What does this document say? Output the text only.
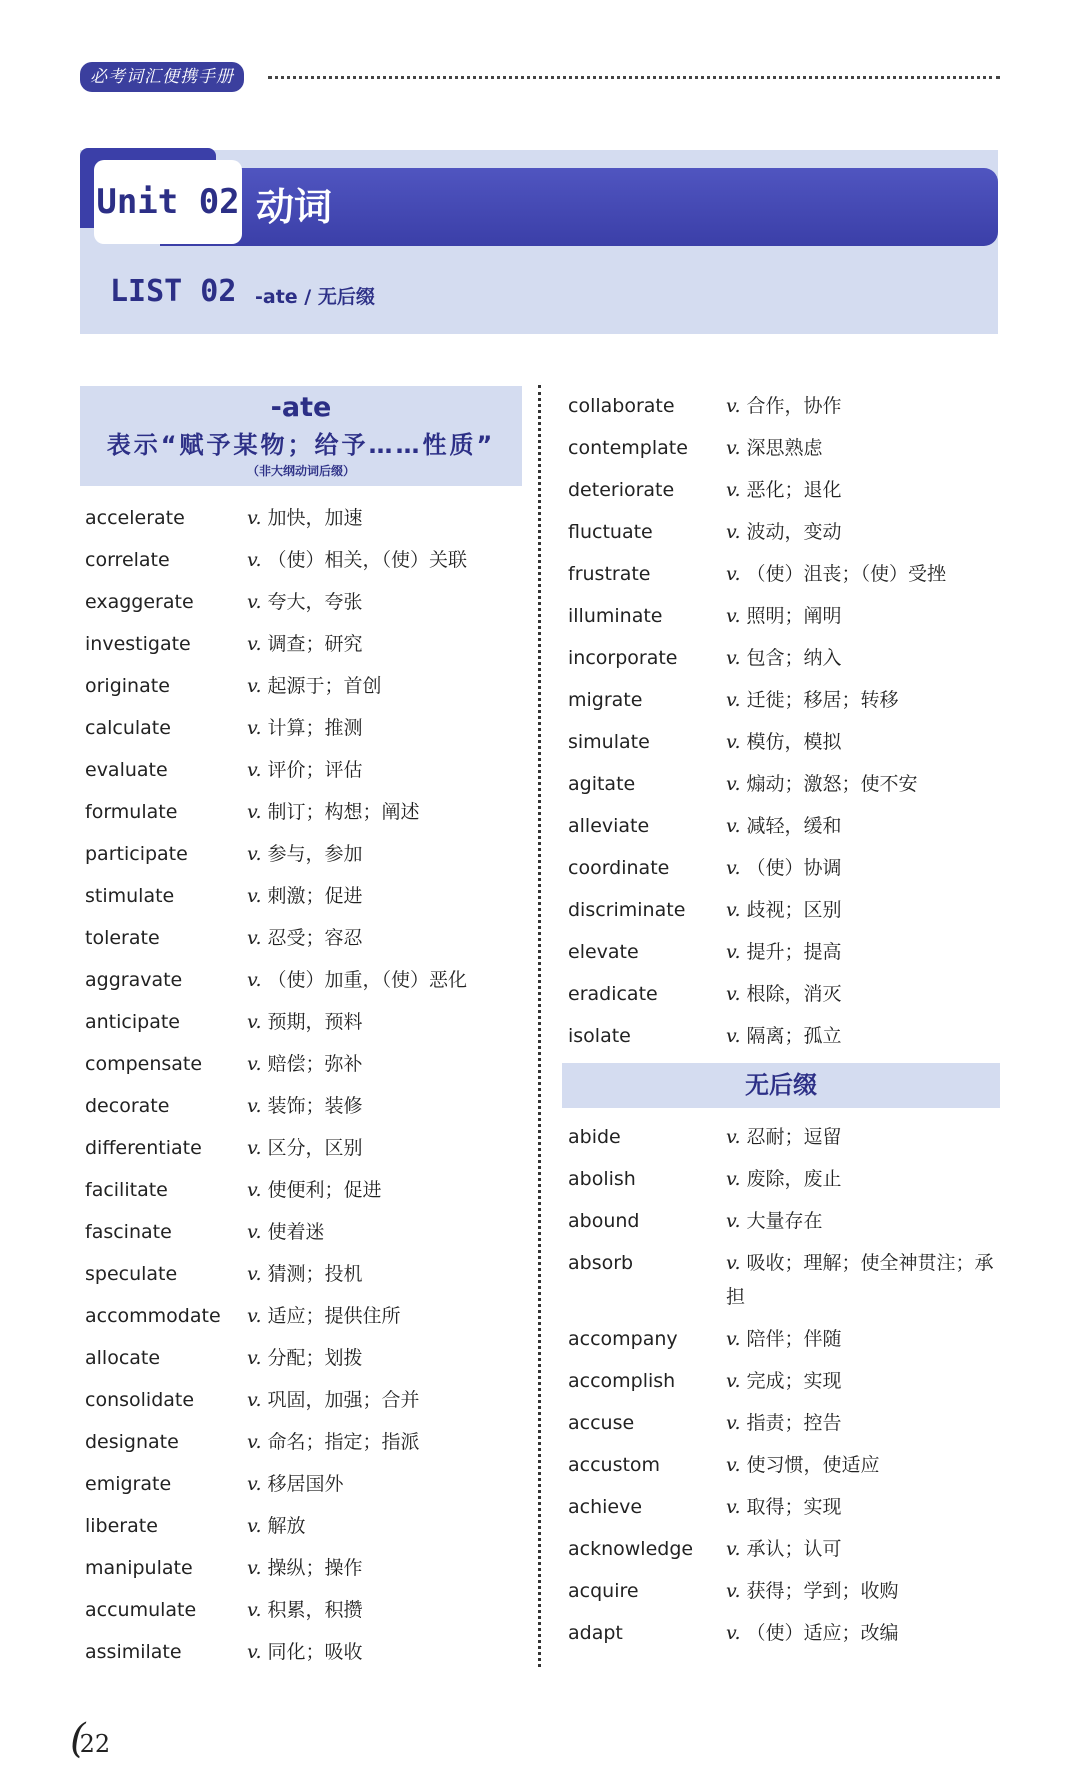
必考词汇便携手册
Unit 02 动词
LIST 02 -ate / 无后缀
-ate
表示“赋予某物；给予……性质”
（非大纲动词后缀）
accelerate	v. 加快，加速
correlate	v. （使）相关，（使）关联
exaggerate	v. 夸大，夸张
investigate	v. 调查；研究
originate	v. 起源于；首创
calculate	v. 计算；推测
evaluate	v. 评价；评估
formulate	v. 制订；构想；阐述
participate	v. 参与，参加
stimulate	v. 刺激；促进
tolerate	v. 忍受；容忍
aggravate	v. （使）加重，（使）恶化
anticipate	v. 预期，预料
compensate	v. 赔偿；弥补
decorate	v. 装饰；装修
differentiate	v. 区分，区别
facilitate	v. 使便利；促进
fascinate	v. 使着迷
speculate	v. 猜测；投机
accommodate	v. 适应；提供住所
allocate	v. 分配；划拨
consolidate	v. 巩固，加强；合并
designate	v. 命名；指定；指派
emigrate	v. 移居国外
liberate	v. 解放
manipulate	v. 操纵；操作
accumulate	v. 积累，积攒
assimilate	v. 同化；吸收
collaborate	v. 合作，协作
contemplate	v. 深思熟虑
deteriorate	v. 恶化；退化
fluctuate	v. 波动，变动
frustrate	v. （使）沮丧；（使）受挫
illuminate	v. 照明；阐明
incorporate	v. 包含；纳入
migrate	v. 迁徙；移居；转移
simulate	v. 模仿，模拟
agitate	v. 煽动；激怒；使不安
alleviate	v. 减轻，缓和
coordinate	v. （使）协调
discriminate	v. 歧视；区别
elevate	v. 提升；提高
eradicate	v. 根除，消灭
isolate	v. 隔离；孤立
无后缀
abide	v. 忍耐；逗留
abolish	v. 废除，废止
abound	v. 大量存在
absorb	v. 吸收；理解；使全神贯注；承担
accompany	v. 陪伴；伴随
accomplish	v. 完成；实现
accuse	v. 指责；控告
accustom	v. 使习惯，使适应
achieve	v. 取得；实现
acknowledge	v. 承认；认可
acquire	v. 获得；学到；收购
adapt	v. （使）适应；改编
(22
